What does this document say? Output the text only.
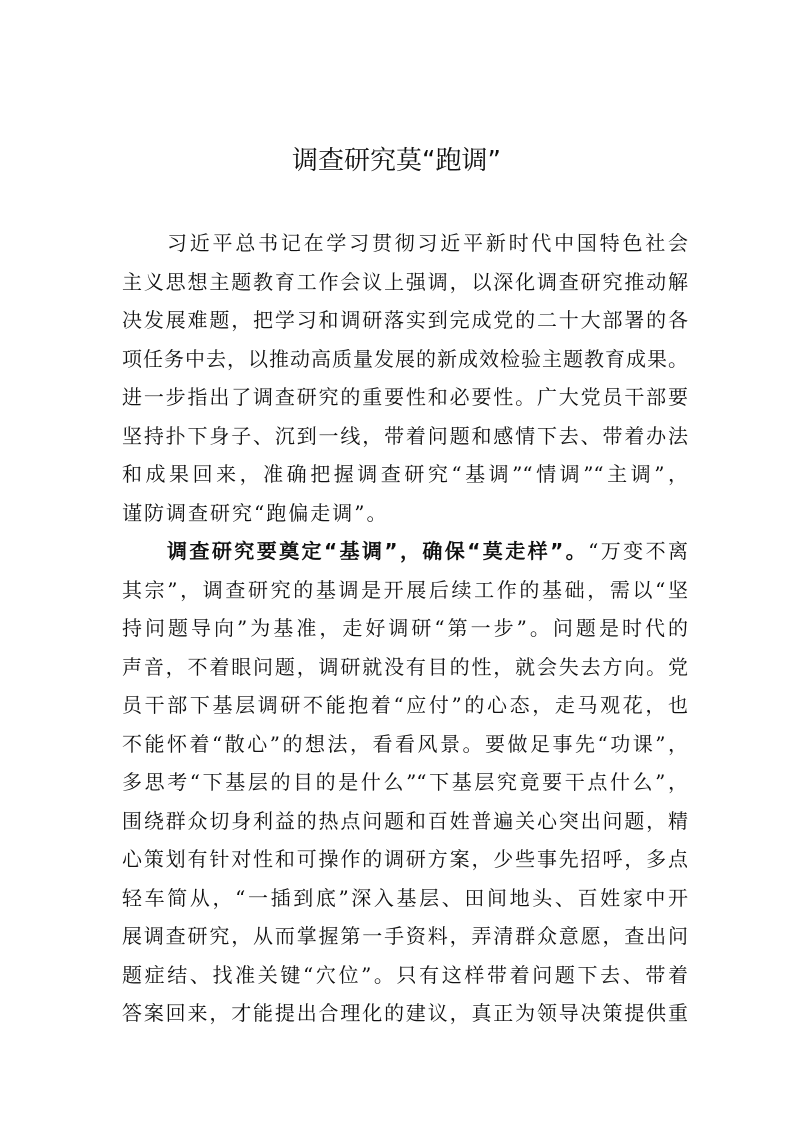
调查研究莫“跑调”
习近平总书记在学习贯彻习近平新时代中国特色社会
主义思想主题教育工作会议上强调，以深化调查研究推动解
决发展难题，把学习和调研落实到完成党的二十大部署的各
项任务中去，以推动高质量发展的新成效检验主题教育成果。
进一步指出了调查研究的重要性和必要性。广大党员干部要
坚持扑下身子、沉到一线，带着问题和感情下去、带着办法
和成果回来，准确把握调查研究“基调”“情调”“主调”，
谨防调查研究“跑偏走调”。
调查研究要奠定“基调”，确保“莫走样”。“万变不离
其宗”，调查研究的基调是开展后续工作的基础，需以“坚
持问题导向”为基准，走好调研“第一步”。问题是时代的
声音，不着眼问题，调研就没有目的性，就会失去方向。党
员干部下基层调研不能抱着“应付”的心态，走马观花，也
不能怀着“散心”的想法，看看风景。要做足事先“功课”，
多思考“下基层的目的是什么”“下基层究竟要干点什么”，
围绕群众切身利益的热点问题和百姓普遍关心突出问题，精
心策划有针对性和可操作的调研方案，少些事先招呼，多点
轻车简从，“一插到底”深入基层、田间地头、百姓家中开
展调查研究，从而掌握第一手资料，弄清群众意愿，查出问
题症结、找准关键“穴位”。只有这样带着问题下去、带着
答案回来，才能提出合理化的建议，真正为领导决策提供重
